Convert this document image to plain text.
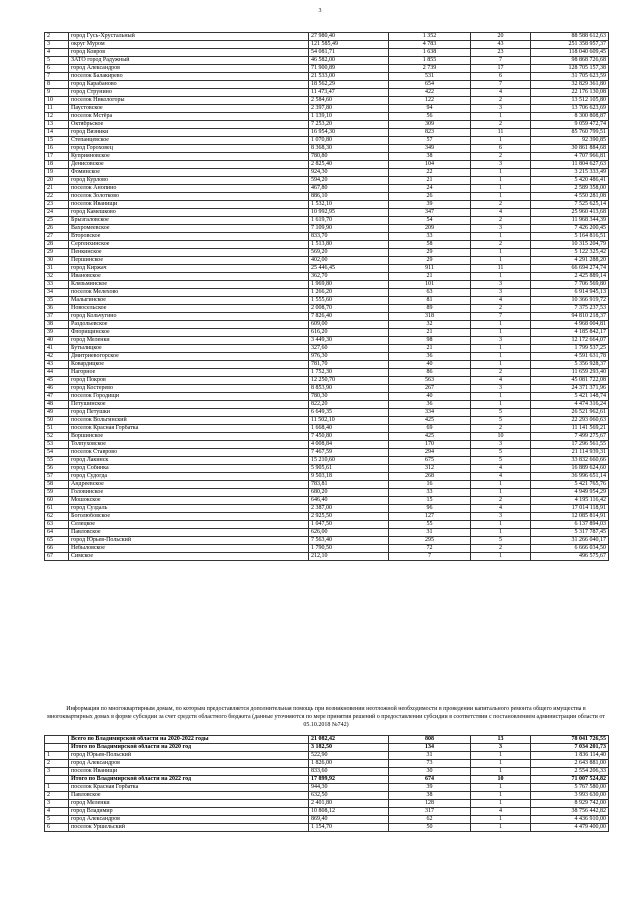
3
2	город Гусь-Хрустальный	27 980,40	1 352	20	88 588 612,63
3	округ Муром	121 585,49	4 783	43	251 358 957,37
4	город Ковров	54 081,71	1 638	23	118 040 609,45
5	ЗАТО город Радужный	46 582,00	1 855	7	98 868 726,68
6	город Александров	71 900,89	2 739	17	128 705 157,38
7	поселок Балакирево	21 533,00	531	6	31 705 623,59
8	город Карабаново	18 562,29	654	7	32 829 361,80
9	город Струнино	11 473,47	422	4	22 176 130,08
10	поселок Никологоры	2 584,60	122	2	13 512 105,80
11	Паустовское	2 397,80	94	3	13 706 623,69
12	поселок Мстёра	1 139,10	56	1	8 300 808,87
13	Октябрьское	7 253,20	309	2	9 059 472,74
14	город Вязники	16 954,30	823	11	85 760 799,51
15	Степанцевское	1 070,80	57	1	92 390,85
16	город Гороховец	8 368,30	349	6	30 861 884,68
17	Куприяновское	780,80	38	2	4 707 966,81
18	Денисовское	2 825,40	104	3	11 804 627,63
19	Фоминское	924,30	22	1	3 215 333,49
20	город Курлово	594,20	21	1	5 420 486,41
21	поселок Анопино	467,80	24	1	2 589 358,00
22	поселок Золотково	886,10	26	1	4 550 281,08
23	поселок Иванищи	1 532,10	39	2	7 525 625,14
24	город Камешково	10 992,95	347	4	25 960 413,68
25	Брызгаловское	1 619,70	54	2	11 968 344,39
26	Вахромеевское	7 109,90	209	3	7 426 200,45
27	Второвское	833,70	33	1	5 164 816,51
28	Сергеихинское	1 513,80	58	2	10 315 204,79
29	Пенкинское	569,20	29	1	5 122 325,42
30	Першинское	402,00	29	1	4 291 288,20
31	город Киржач	25 446,45	911	11	66 694 274,74
32	Ивановское	362,70	21	1	2 425 889,14
33	Клязьминское	1 969,80	101	3	7 706 569,80
34	поселок Мелехово	1 266,20	63	3	6 914 945,13
35	Малыгинское	1 555,60	81	4	10 366 919,72
36	Новосельское	2 008,70	89	2	7 375 237,53
37	город Кольчугино	7 826,40	318	7	94 810 218,37
38	Раздольевское	609,00	32	1	4 968 004,81
39	Флорищинское	616,20	21	1	4 185 842,17
40	город Меленки	3 449,30	98	3	12 172 664,07
41	Бутылицкое	327,60	21	1	1 799 537,25
42	Дмитриевогорское	976,30	36	1	4 591 631,78
43	Ковардицкое	781,70	40	1	5 356 928,37
44	Нагорное	1 752,30	86	2	11 659 293,40
45	город Покров	12 250,70	563	4	45 081 722,08
46	город Костерево	8 853,90	267	3	24 371 371,96
47	поселок Городищи	780,30	40	1	5 421 148,74
48	Петушинское	822,20	36	1	4 474 316,24
49	город Петушки	6 649,35	334	5	26 521 962,61
50	поселок Вольгинский	11 502,10	425	5	22 293 060,63
51	поселок Красная Горбатка	1 668,40	69	2	11 141 569,21
52	Воршинское	7 450,80	425	10	7 499 275,67
53	Толпуховское	4 008,84	170	3	17 296 561,55
54	поселок Ставрово	7 467,59	294	5	21 114 939,31
55	город Лакинск	15 210,60	675	5	33 832 660,66
56	город Собинка	5 905,61	312	4	16 889 624,60
57	город Судогда	9 503,18	268	4	36 996 651,14
58	Андреевское	783,81	16	1	5 421 765,76
59	Головинское	680,20	33	1	4 949 954,29
60	Мошокское	646,40	15	2	4 195 116,42
61	город Суздаль	2 387,00	96	4	17 014 118,91
62	Боголюбовское	2 925,50	127	3	12 085 814,91
63	Селецкое	1 047,50	55	1	6 137 894,03
64	Павловское	626,00	31	1	5 317 787,45
65	город Юрьев-Польский	7 563,40	295	5	31 266 040,17
66	Небыловское	1 790,50	72	2	6 666 034,50
67	Симское	212,10	7	1	496 575,67
Информация по многоквартирным домам, по которым предоставляется дополнительная помощь при возникновении неотложной необходимости в проведении капитального ремонта общего имущества в многоквартирных домах в форме субсидии за счет средств областного бюджета (данные уточняются по мере принятия решений о предоставлении субсидии в соответствии с постановлением администрации области от 05.10.2018 №742)
	Всего по Владимирской области на 2020-2022 годы	21 082,42	808	13	78 041 726,55
	Итого по Владимирской области на 2020 год	3 182,50	134	3	7 034 201,73
1	город Юрьев-Польский	522,90	31	1	1 836 114,40
2	город Александров	1 826,00	73	1	2 643 881,00
3	поселок Иванищи	833,60	30	1	2 554 206,33
	Итого по Владимирской области на 2022 год	17 899,92	674	10	71 007 524,82
1	поселок Красная Горбатка	944,30	39	1	5 767 580,00
2	Павловское	632,50	38	1	3 993 630,00
3	город Меленки	2 401,80	128	1	8 929 742,00
4	город Владимир	10 808,12	317	4	38 756 442,82
5	город Александров	869,40	62	1	4 436 910,00
6	поселок Уршельский	1 154,70	50	1	4 479 400,00
